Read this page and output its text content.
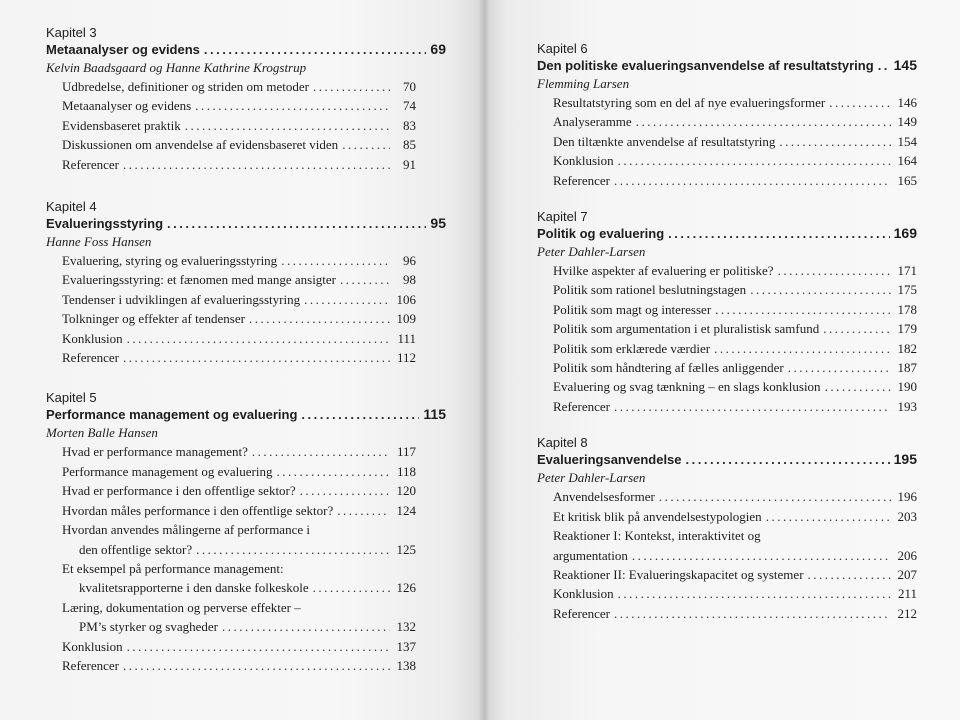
Kapitel 3
Metaanalyser og evidens .....	69
Kelvin Baadsgaard og Hanne Kathrine Krogstrup
Udbredelse, definitioner og striden om metoder .....	70
Metaanalyser og evidens .....	74
Evidensbaseret praktik .....	83
Diskussionen om anvendelse af evidensbaseret viden .....	85
Referencer .....	91
Kapitel 4
Evalueringsstyring .....	95
Hanne Foss Hansen
Evaluering, styring og evalueringsstyring .....	96
Evalueringsstyring: et fænomen med mange ansigter .....	98
Tendenser i udviklingen af evalueringsstyring .....	106
Tolkninger og effekter af tendenser .....	109
Konklusion .....	111
Referencer .....	112
Kapitel 5
Performance management og evaluering .....	115
Morten Balle Hansen
Hvad er performance management? .....	117
Performance management og evaluering .....	118
Hvad er performance i den offentlige sektor? .....	120
Hvordan måles performance i den offentlige sektor? .....	124
Hvordan anvendes målingerne af performance i
den offentlige sektor? .....	125
Et eksempel på performance management:
kvalitetsrapporterne i den danske folkeskole .....	126
Læring, dokumentation og perverse effekter –
PM’s styrker og svagheder .....	132
Konklusion .....	137
Referencer .....	138
Kapitel 6
Den politiske evalueringsanvendelse af resultatstyring ..... 145
Flemming Larsen
Resultatstyring som en del af nye evalueringsformer .....	146
Analyseramme .....	149
Den tiltænkte anvendelse af resultatstyring .....	154
Konklusion .....	164
Referencer .....	165
Kapitel 7
Politik og evaluering .....	169
Peter Dahler-Larsen
Hvilke aspekter af evaluering er politiske? .....	171
Politik som rationel beslutningstagen .....	175
Politik som magt og interesser .....	178
Politik som argumentation i et pluralistisk samfund .....	179
Politik som erklærede værdier .....	182
Politik som håndtering af fælles anliggender .....	187
Evaluering og svag tænkning – en slags konklusion .....	190
Referencer .....	193
Kapitel 8
Evalueringsanvendelse .....	195
Peter Dahler-Larsen
Anvendelsesformer .....	196
Et kritisk blik på anvendelsestypologien .....	203
Reaktioner I: Kontekst, interaktivitet og
argumentation .....	206
Reaktioner II: Evalueringskapacitet og systemer .....	207
Konklusion .....	211
Referencer .....	212
